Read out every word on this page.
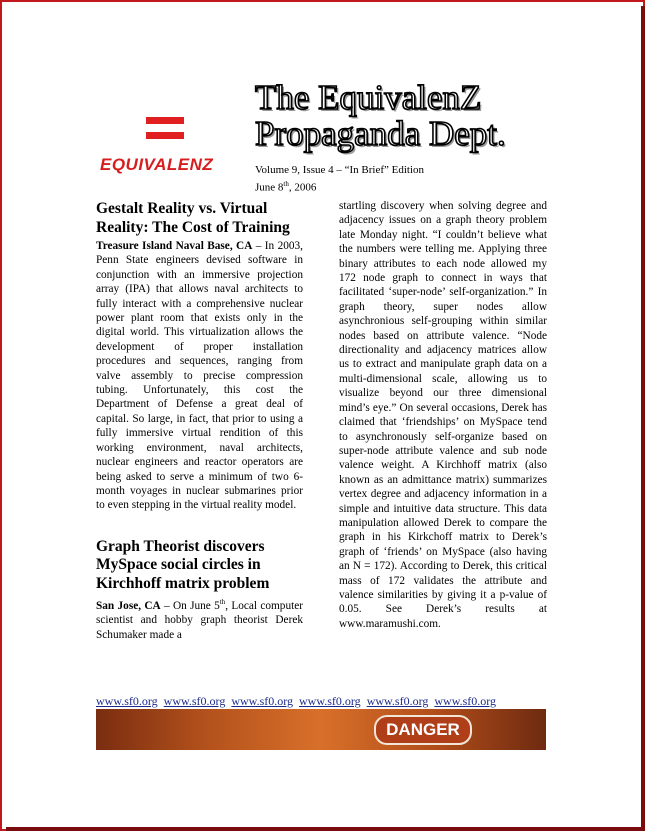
EQUIVALENZ
The EquivalenZ
Propaganda Dept.
Volume 9, Issue 4 – “In Brief” Edition
June 8th, 2006
Gestalt Reality vs. Virtual Reality: The Cost of Training

Treasure Island Naval Base, CA – In 2003, Penn State engineers devised software in conjunction with an immersive projection array (IPA) that allows naval architects to fully interact with a comprehensive nuclear power plant room that exists only in the digital world. This virtualization allows the development of proper installation procedures and sequences, ranging from valve assembly to precise compression tubing. Unfortunately, this cost the Department of Defense a great deal of capital. So large, in fact, that prior to using a fully immersive virtual rendition of this working environment, naval architects, nuclear engineers and reactor operators are being asked to serve a minimum of two 6-month voyages in nuclear submarines prior to even stepping in the virtual reality model.

Graph Theorist discovers MySpace social circles in Kirchhoff matrix problem

San Jose, CA – On June 5th, Local computer scientist and hobby graph theorist Derek Schumaker made a

startling discovery when solving degree and adjacency issues on a graph theory problem late Monday night. “I couldn’t believe what the numbers were telling me. Applying three binary attributes to each node allowed my 172 node graph to connect in ways that facilitated ‘super-node’ self-organization.” In graph theory, super nodes allow asynchronious self-grouping within similar nodes based on attribute valence. “Node directionality and adjacency matrices allow us to extract and manipulate graph data on a multi-dimensional scale, allowing us to visualize beyond our three dimensional mind’s eye.” On several occasions, Derek has claimed that ‘friendships’ on MySpace tend to asynchronously self-organize based on super-node attribute valence and sub node valence weight. A Kirchhoff matrix (also known as an admittance matrix) summarizes vertex degree and adjacency information in a simple and intuitive data structure. This data manipulation allowed Derek to compare the graph in his Kirkchoff matrix to Derek’s graph of ‘friends’ on MySpace (also having an N = 172). According to Derek, this critical mass of 172 validates the attribute and valence similarities by giving it a p-value of 0.05. See Derek’s results at www.maramushi.com.

www.sf0.org www.sf0.org www.sf0.org www.sf0.org www.sf0.org www.sf0.org
DANGER
